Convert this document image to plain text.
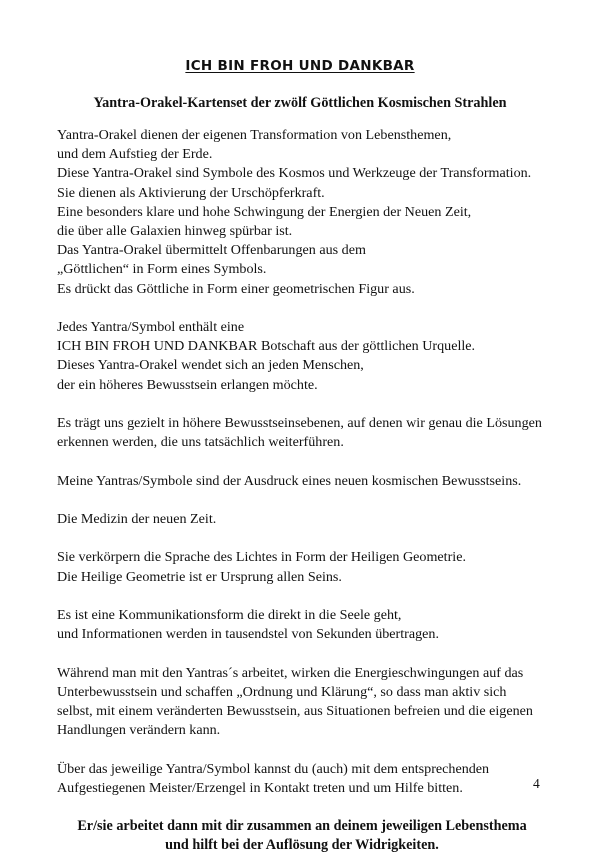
ICH BIN FROH UND DANKBAR
Yantra-Orakel-Kartenset der zwölf Göttlichen Kosmischen Strahlen

Yantra-Orakel dienen der eigenen Transformation von Lebensthemen,
und dem Aufstieg der Erde.
Diese Yantra-Orakel sind Symbole des Kosmos und Werkzeuge der Transformation.
Sie dienen als Aktivierung der Urschöpferkraft.
Eine besonders klare und hohe Schwingung der Energien der Neuen Zeit,
die über alle Galaxien hinweg spürbar ist.
Das Yantra-Orakel übermittelt Offenbarungen aus dem
„Göttlichen“ in Form eines Symbols.
Es drückt das Göttliche in Form einer geometrischen Figur aus.

Jedes Yantra/Symbol enthält eine
ICH BIN FROH UND DANKBAR Botschaft aus der göttlichen Urquelle.
Dieses Yantra-Orakel wendet sich an jeden Menschen,
der ein höheres Bewusstsein erlangen möchte.

Es trägt uns gezielt in höhere Bewusstseinsebenen, auf denen wir genau die Lösungen
erkennen werden, die uns tatsächlich weiterführen.

Meine Yantras/Symbole sind der Ausdruck eines neuen kosmischen Bewusstseins.

Die Medizin der neuen Zeit.

Sie verkörpern die Sprache des Lichtes in Form der Heiligen Geometrie.
Die Heilige Geometrie ist er Ursprung allen Seins.

Es ist eine Kommunikationsform die direkt in die Seele geht,
und Informationen werden in tausendstel von Sekunden übertragen.

Während man mit den Yantras´s arbeitet, wirken die Energieschwingungen auf das
Unterbewusstsein und schaffen „Ordnung und Klärung“, so dass man aktiv sich
selbst, mit einem veränderten Bewusstsein, aus Situationen befreien und die eigenen
Handlungen verändern kann.

Über das jeweilige Yantra/Symbol kannst du (auch) mit dem entsprechenden
Aufgestiegenen Meister/Erzengel in Kontakt treten und um Hilfe bitten.

Er/sie arbeitet dann mit dir zusammen an deinem jeweiligen Lebensthema
und hilft bei der Auflösung der Widrigkeiten.
4
